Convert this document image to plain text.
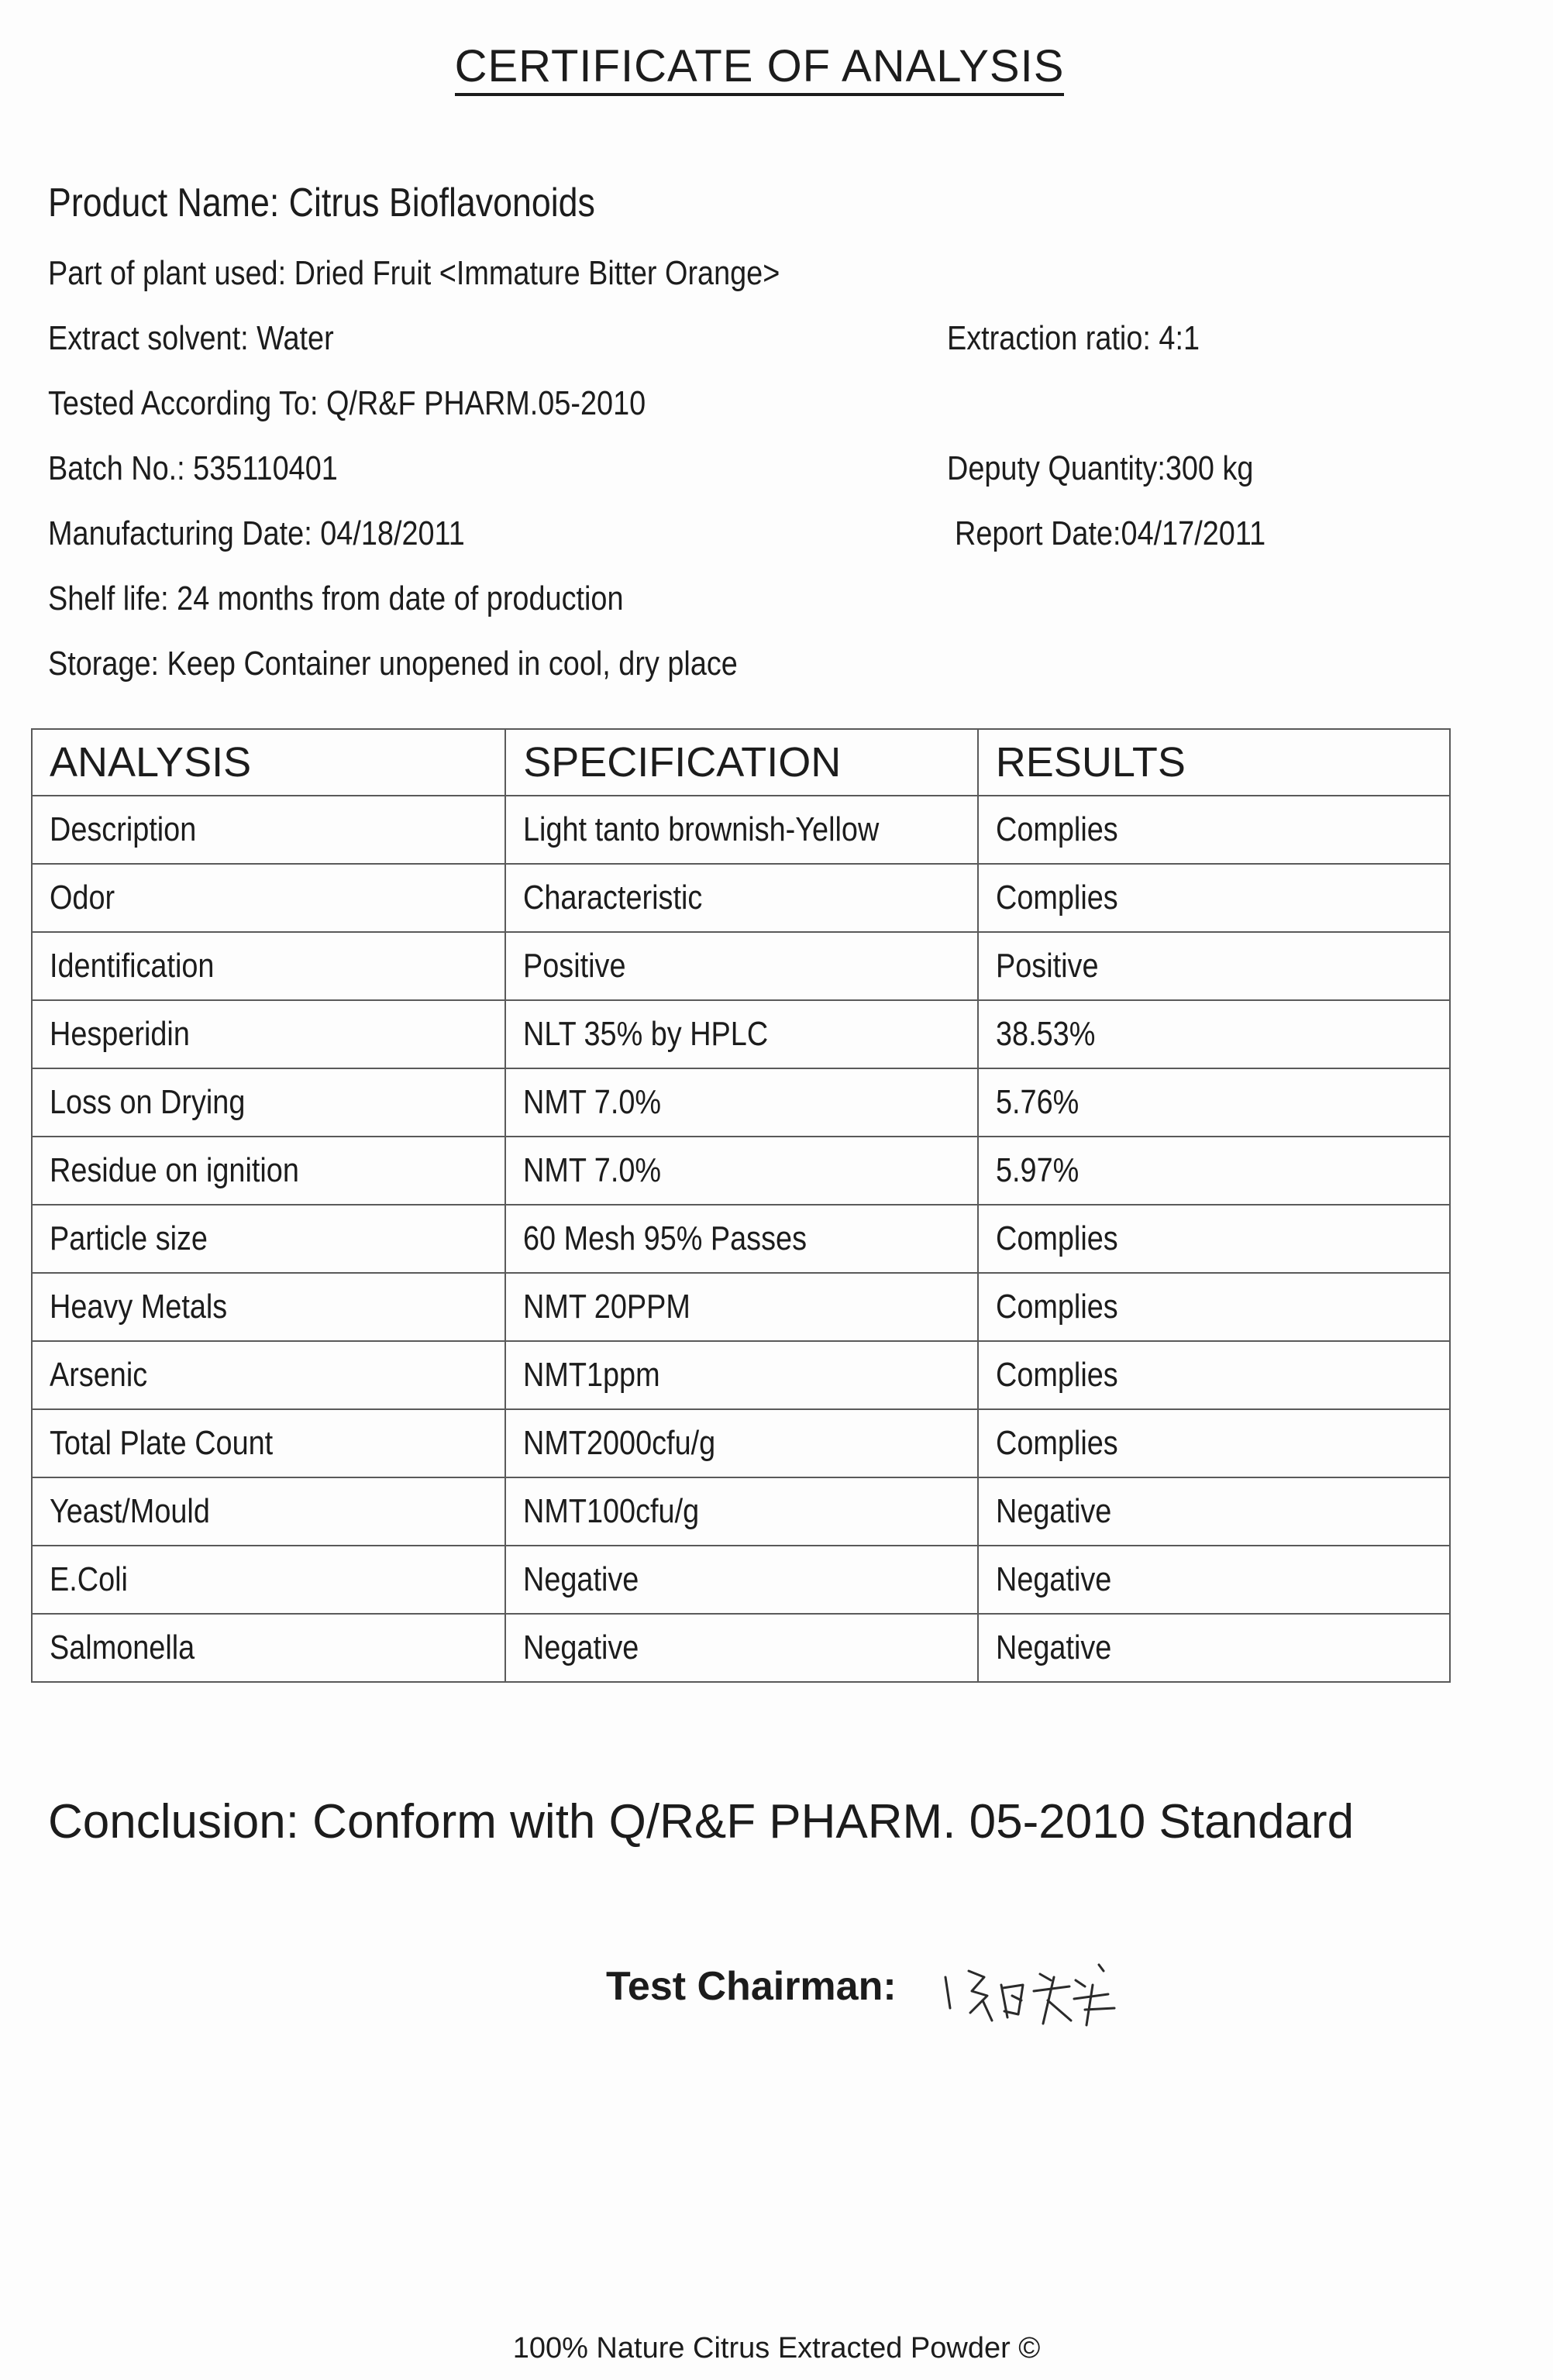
CERTIFICATE OF ANALYSIS
Product Name: Citrus Bioflavonoids
Part of plant used: Dried Fruit <Immature Bitter Orange>
Extract solvent: Water	Extraction ratio: 4:1
Tested According To: Q/R&F PHARM.05-2010
Batch No.: 535110401	Deputy Quantity:300 kg
Manufacturing Date: 04/18/2011	Report Date:04/17/2011
Shelf life: 24 months from date of production
Storage: Keep Container unopened in cool, dry place
ANALYSIS	SPECIFICATION	RESULTS

Description	Light tanto brownish-Yellow	Complies

Odor	Characteristic	Complies

Identification	Positive	Positive

Hesperidin	NLT 35% by HPLC	38.53%

Loss on Drying	NMT 7.0%	5.76%

Residue on ignition	NMT 7.0%	5.97%

Particle size	60 Mesh 95% Passes	Complies

Heavy Metals	NMT 20PPM	Complies

Arsenic	NMT1ppm	Complies

Total Plate Count	NMT2000cfu/g	Complies

Yeast/Mould	NMT100cfu/g	Negative

E.Coli	Negative	Negative

Salmonella	Negative	Negative
Conclusion: Conform with Q/R&F PHARM. 05-2010 Standard
Test Chairman:
100% Nature Citrus Extracted Powder ©
